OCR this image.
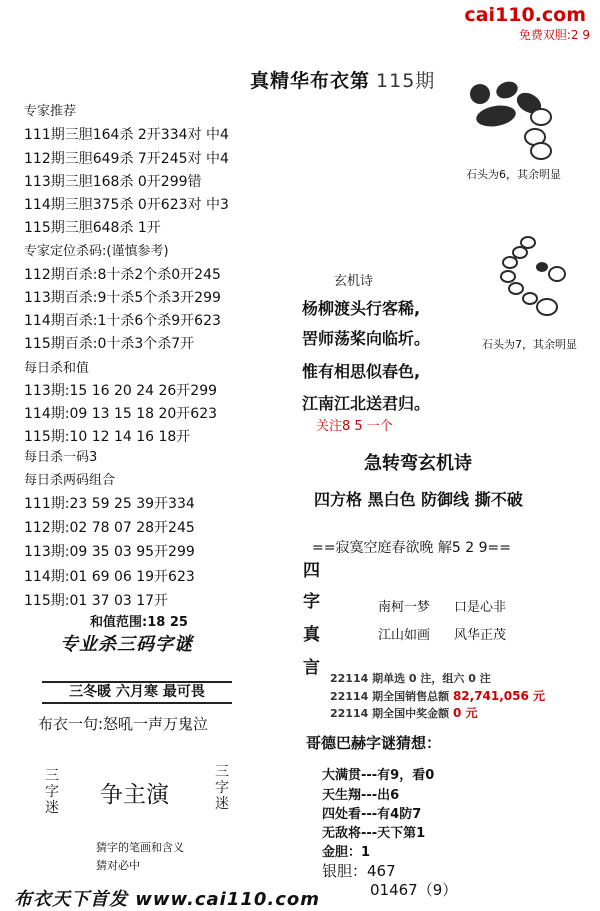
cai110.com
免费双胆:2 9
真精华布衣第 115期
专家推荐
111期三胆164杀 2开334对 中4
112期三胆649杀 7开245对 中4
113期三胆168杀 0开299错
114期三胆375杀 0开623对 中3
115期三胆648杀 1开
专家定位杀码:(谨慎参考)
112期百杀:8十杀2个杀0开245
113期百杀:9十杀5个杀3开299
114期百杀:1十杀6个杀9开623
115期百杀:0十杀3个杀7开
每日杀和值
113期:15 16 20 24 26开299
114期:09 13 15 18 20开623
115期:10 12 14 16 18开
每日杀一码3
每日杀两码组合
111期:23 59 25 39开334
112期:02 78 07 28开245
113期:09 35 03 95开299
114期:01 69 06 19开623
115期:01 37 03 17开
和值范围:18 25
专业杀三码字谜
三冬暖 六月寒 最可畏
布衣一句:怒吼一声万鬼泣
三字迷 争主演
三字迷
猜字的笔画和含义
猜对必中
布衣天下首发 www.cai110.com
石头为6，其余明显
石头为7，其余明显
玄机诗
杨柳渡头行客稀,
罟师荡桨向临圻。
惟有相思似春色,
江南江北送君归。
关注8 5 一个
急转弯玄机诗
四方格 黑白色 防御线 撕不破
==寂寞空庭春欲晚 解5 2 9==
四
字
真
言
南柯一梦 口是心非
江山如画 风华正茂
22114 期单选 0 注，组六 0 注
22114 期全国销售总额 82,741,056 元
22114 期全国中奖金额 0 元
哥德巴赫字谜猜想：
大满贯---有9，看0
天生翔---出6
四处看---有4防7
无敌将---天下第1
金胆：1
银胆：467
01467（9）
